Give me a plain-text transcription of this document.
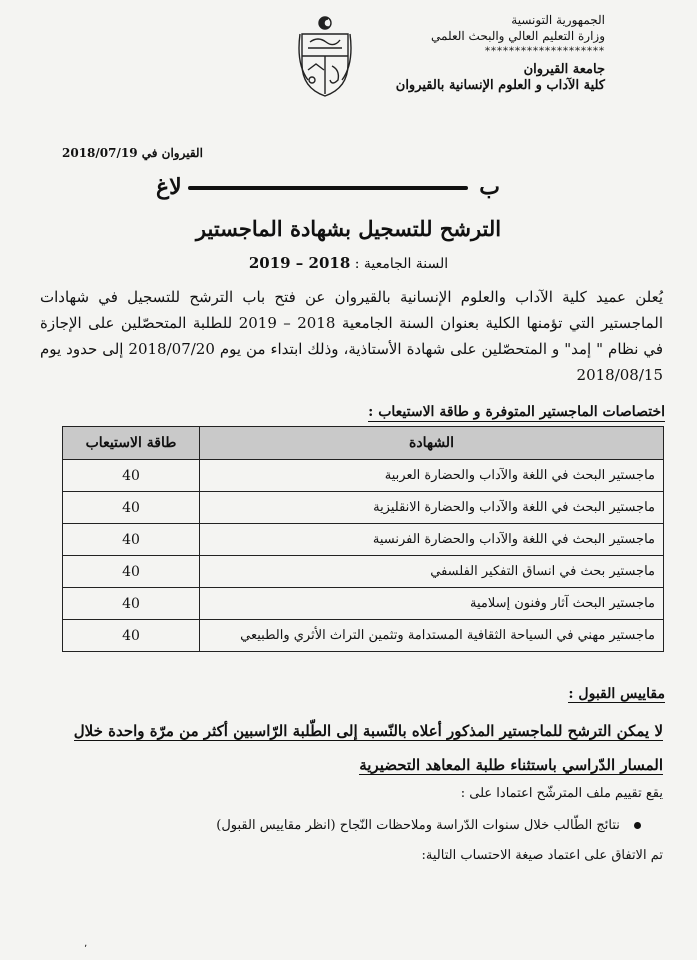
الجمهورية التونسية
وزارة التعليم العالي والبحث العلمي
********************
جامعة القيروان
كلية الآداب و العلوم الإنسانية بالقيروان
القيروان في 2018/07/19
ب
لاغ
الترشح للتسجيل بشهادة الماجستير
السنة الجامعية : 2018 – 2019
يُعلن عميد كلية الآداب والعلوم الإنسانية بالقيروان عن فتح باب الترشح للتسجيل في شهادات الماجستير التي تؤمنها الكلية بعنوان السنة الجامعية 2018 – 2019 للطلبة المتحصّلين على الإجازة في نظام " إمد" و المتحصّلين على شهادة الأستاذية، وذلك ابتداء من يوم 2018/07/20 إلى حدود يوم 2018/08/15
اختصاصات الماجستير المتوفرة و طاقة الاستيعاب :
الشهادة	طاقة الاستيعاب
ماجستير البحث في اللغة والآداب والحضارة العربية	40
ماجستير البحث في اللغة والآداب والحضارة الانقليزية	40
ماجستير البحث في اللغة والآداب والحضارة الفرنسية	40
ماجستير بحث في انساق التفكير الفلسفي	40
ماجستير البحث آثار وفنون إسلامية	40
ماجستير مهني في السياحة الثقافية المستدامة وتثمين التراث الأثري والطبيعي	40
مقاييس القبول :
لا يمكن الترشح للماجستير المذكور أعلاه بالنّسبة إلى الطّلبة الرّاسبين أكثر من مرّة واحدة خلال
المسار الدّراسي باستثناء طلبة المعاهد التحضيرية
يقع تقييم ملف المترشّح اعتمادا على :
نتائج الطّالب خلال سنوات الدّراسة وملاحظات النّجاح (انظر مقاييس القبول)
تم الاتفاق على اعتماد صيغة الاحتساب التالية:
٬
